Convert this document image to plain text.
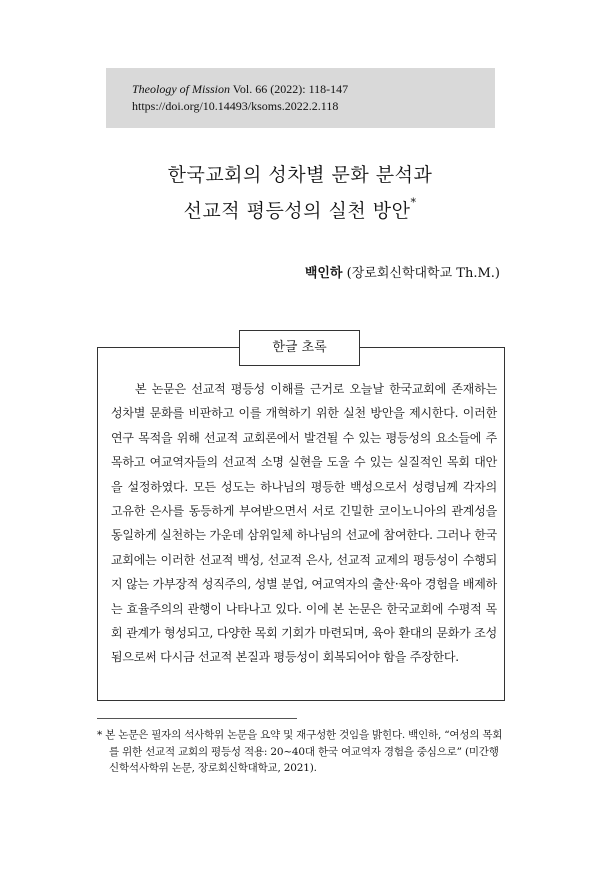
Theology of Mission Vol. 66 (2022): 118-147
https://doi.org/10.14493/ksoms.2022.2.118
한국교회의 성차별 문화 분석과
선교적 평등성의 실천 방안*
백인하 (장로회신학대학교 Th.M.)
한글 초록

본 논문은 선교적 평등성 이해를 근거로 오늘날 한국교회에 존재하는 성차별 문화를 비판하고 이를 개혁하기 위한 실천 방안을 제시한다. 이러한 연구 목적을 위해 선교적 교회론에서 발견될 수 있는 평등성의 요소들에 주목하고 여교역자들의 선교적 소명 실현을 도울 수 있는 실질적인 목회 대안을 설정하였다. 모든 성도는 하나님의 평등한 백성으로서 성령님께 각자의 고유한 은사를 동등하게 부여받으면서 서로 긴밀한 코이노니아의 관계성을 동일하게 실천하는 가운데 삼위일체 하나님의 선교에 참여한다. 그러나 한국교회에는 이러한 선교적 백성, 선교적 은사, 선교적 교제의 평등성이 수행되지 않는 가부장적 성직주의, 성별 분업, 여교역자의 출산·육아 경험을 배제하는 효율주의의 관행이 나타나고 있다. 이에 본 논문은 한국교회에 수평적 목회 관계가 형성되고, 다양한 목회 기회가 마련되며, 육아 환대의 문화가 조성됨으로써 다시금 선교적 본질과 평등성이 회복되어야 함을 주장한다.

* 본 논문은 필자의 석사학위 논문을 요약 및 재구성한 것임을 밝힌다. 백인하, “여성의 목회를 위한 선교적 교회의 평등성 적용: 20~40대 한국 여교역자 경험을 중심으로” (미간행 신학석사학위 논문, 장로회신학대학교, 2021).
